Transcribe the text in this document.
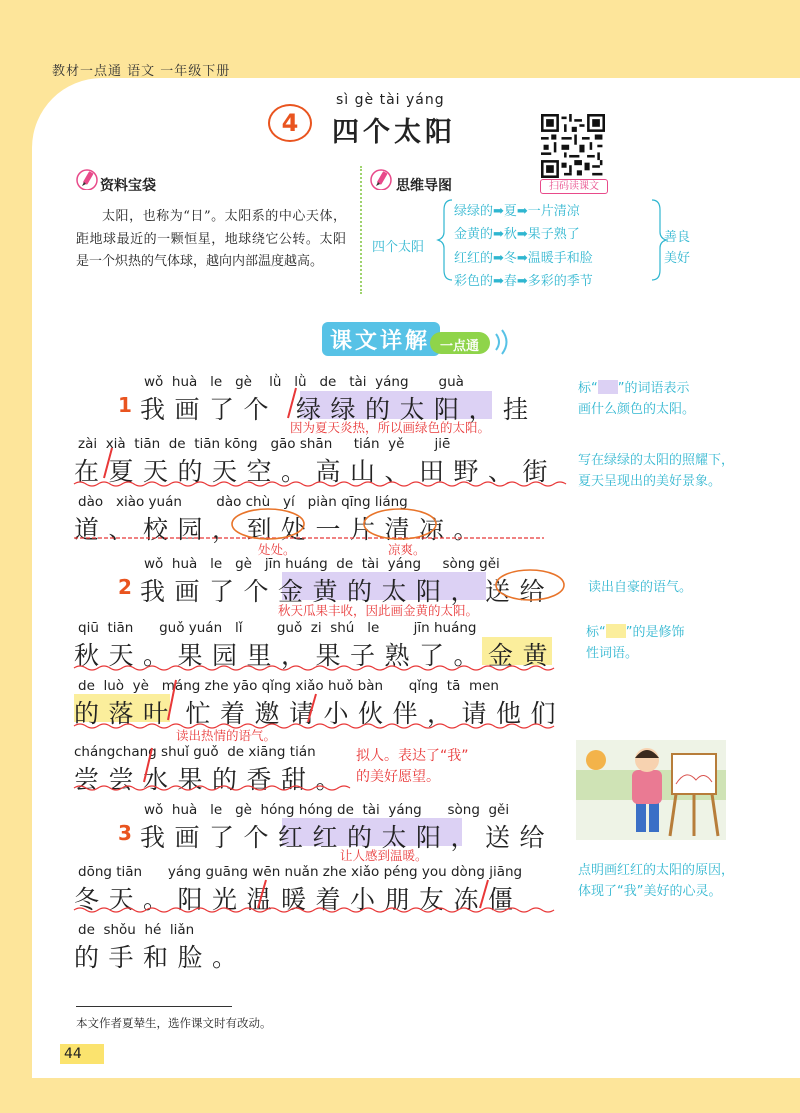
教材一点通 语文 一年级下册
4
sì gè tài yáng
四个太阳
扫码读课文
资料宝袋
太阳，也称为“日”。太阳系的中心天体，距地球最近的一颗恒星，地球绕它公转。太阳是一个炽热的气体球，越向内部温度越高。
思维导图
四个太阳
绿绿的➡夏➡一片清凉
金黄的➡秋➡果子熟了
红红的➡冬➡温暖手和脸
彩色的➡春➡多彩的季节
善良
美好
课文详解 一点通
wǒ  huà   le   gè    lǜ   lǜ   de   tài  yáng       guà
1 我画了个 绿绿的太阳，挂
因为夏天炎热，所以画绿色的太阳。
zài  xià  tiān  de  tiān kōng   gāo shān     tián  yě       jiē
在夏天的天空。高山、田野、街
dào   xiào yuán        dào chù   yí   piàn qīng liáng
道、校园，到处一片清凉。
处处。	凉爽。
wǒ  huà   le   gè   jīn huáng  de  tài  yáng     sòng gěi
2 我画了个金黄的太阳，送给
秋天瓜果丰收，因此画金黄的太阳。
qiū  tiān      guǒ yuán   lǐ        guǒ  zi  shú   le        jīn huáng
秋天。果园里，果子熟了。金黄
de  luò  yè   máng zhe yāo qǐng xiǎo huǒ bàn      qǐng  tā  men
的落叶 忙着邀请小伙伴，请他们
读出热情的语气。
chángchang shuǐ guǒ  de xiāng tián
尝尝水果的香甜。
拟人。表达了“我”
的美好愿望。
wǒ  huà   le   gè  hóng hóng de  tài  yáng      sòng  gěi
3 我画了个红红的太阳，送给
让人感到温暖。
dōng tiān      yáng guāng wēn nuǎn zhe xiǎo péng you dòng jiāng
冬天。阳光温暖着小朋友冻僵
de  shǒu  hé  liǎn
的手和脸。
标“ ”的词语表示
画什么颜色的太阳。
写在绿绿的太阳的照耀下，夏天呈现出的美好景象。
读出自豪的语气。
标“ ”的是修饰
性词语。
点明画红红的太阳的原因，体现了“我”美好的心灵。
本文作者夏辇生，选作课文时有改动。
44
